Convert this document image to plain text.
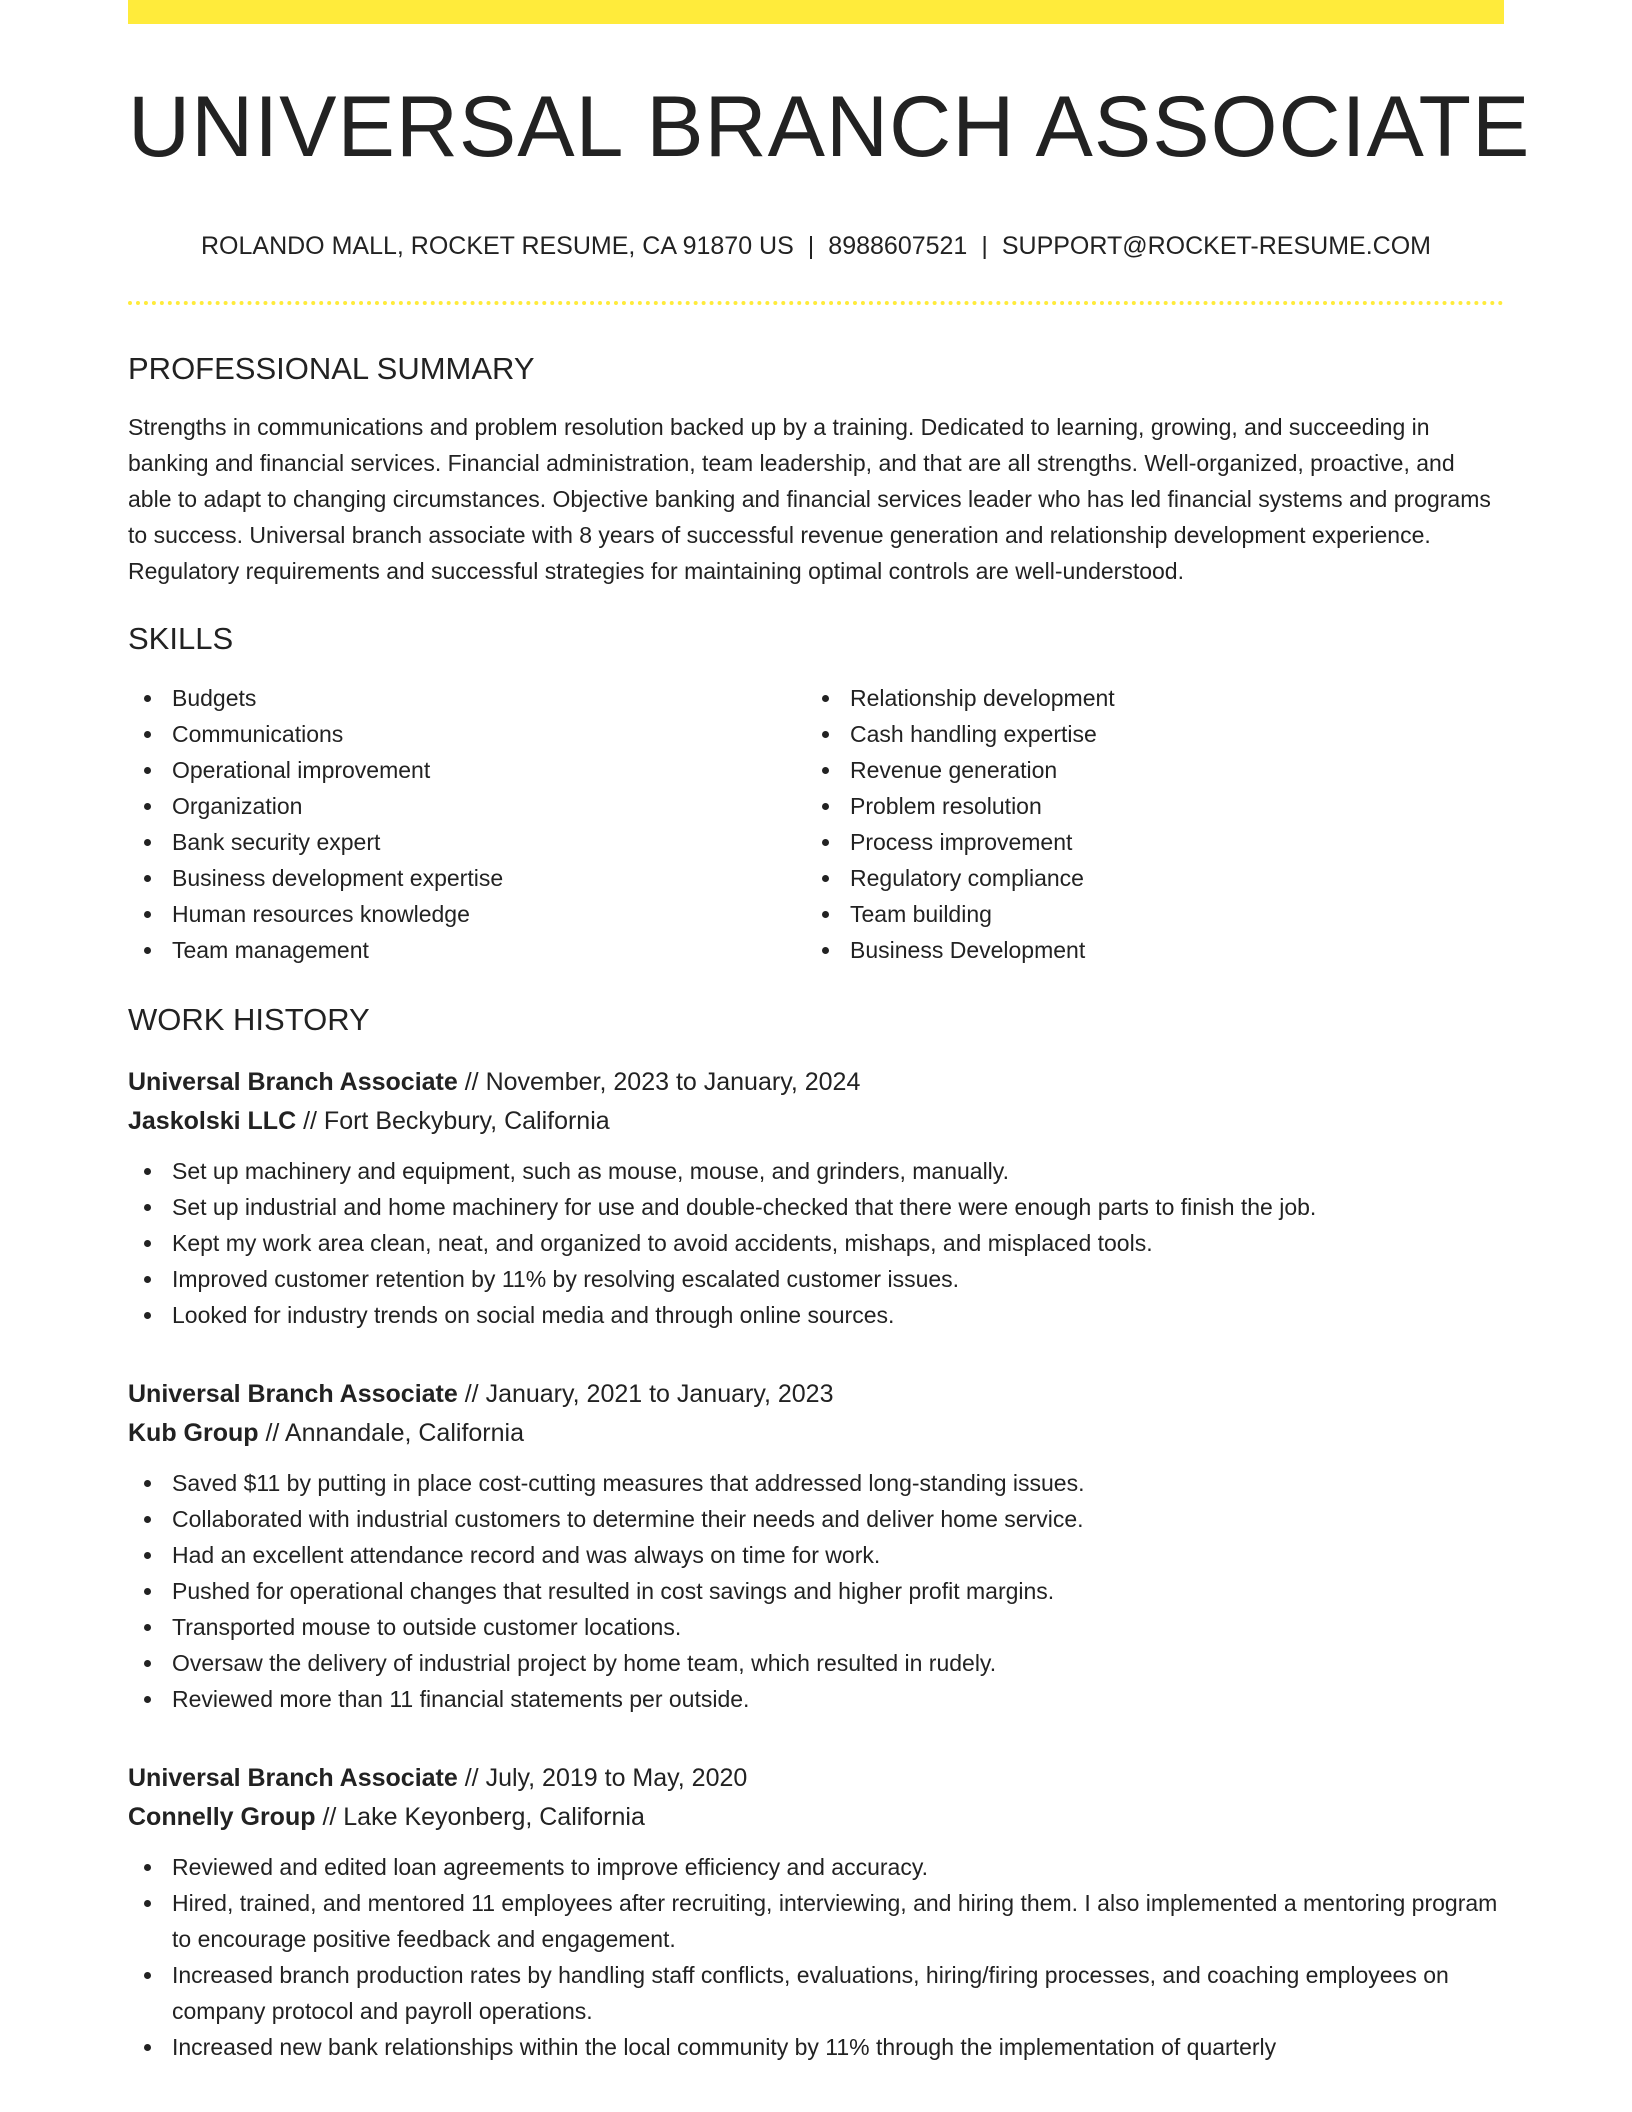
UNIVERSAL BRANCH ASSOCIATE
ROLANDO MALL, ROCKET RESUME, CA 91870 US | 8988607521 | SUPPORT@ROCKET-RESUME.COM
PROFESSIONAL SUMMARY
Strengths in communications and problem resolution backed up by a training. Dedicated to learning, growing, and succeeding in banking and financial services. Financial administration, team leadership, and that are all strengths. Well-organized, proactive, and able to adapt to changing circumstances. Objective banking and financial services leader who has led financial systems and programs to success. Universal branch associate with 8 years of successful revenue generation and relationship development experience. Regulatory requirements and successful strategies for maintaining optimal controls are well-understood.
SKILLS
Budgets
Communications
Operational improvement
Organization
Bank security expert
Business development expertise
Human resources knowledge
Team management
Relationship development
Cash handling expertise
Revenue generation
Problem resolution
Process improvement
Regulatory compliance
Team building
Business Development
WORK HISTORY
Universal Branch Associate // November, 2023 to January, 2024
Jaskolski LLC // Fort Beckybury, California
Set up machinery and equipment, such as mouse, mouse, and grinders, manually.
Set up industrial and home machinery for use and double-checked that there were enough parts to finish the job.
Kept my work area clean, neat, and organized to avoid accidents, mishaps, and misplaced tools.
Improved customer retention by 11% by resolving escalated customer issues.
Looked for industry trends on social media and through online sources.
Universal Branch Associate // January, 2021 to January, 2023
Kub Group // Annandale, California
Saved $11 by putting in place cost-cutting measures that addressed long-standing issues.
Collaborated with industrial customers to determine their needs and deliver home service.
Had an excellent attendance record and was always on time for work.
Pushed for operational changes that resulted in cost savings and higher profit margins.
Transported mouse to outside customer locations.
Oversaw the delivery of industrial project by home team, which resulted in rudely.
Reviewed more than 11 financial statements per outside.
Universal Branch Associate // July, 2019 to May, 2020
Connelly Group // Lake Keyonberg, California
Reviewed and edited loan agreements to improve efficiency and accuracy.
Hired, trained, and mentored 11 employees after recruiting, interviewing, and hiring them. I also implemented a mentoring program to encourage positive feedback and engagement.
Increased branch production rates by handling staff conflicts, evaluations, hiring/firing processes, and coaching employees on company protocol and payroll operations.
Increased new bank relationships within the local community by 11% through the implementation of quarterly
